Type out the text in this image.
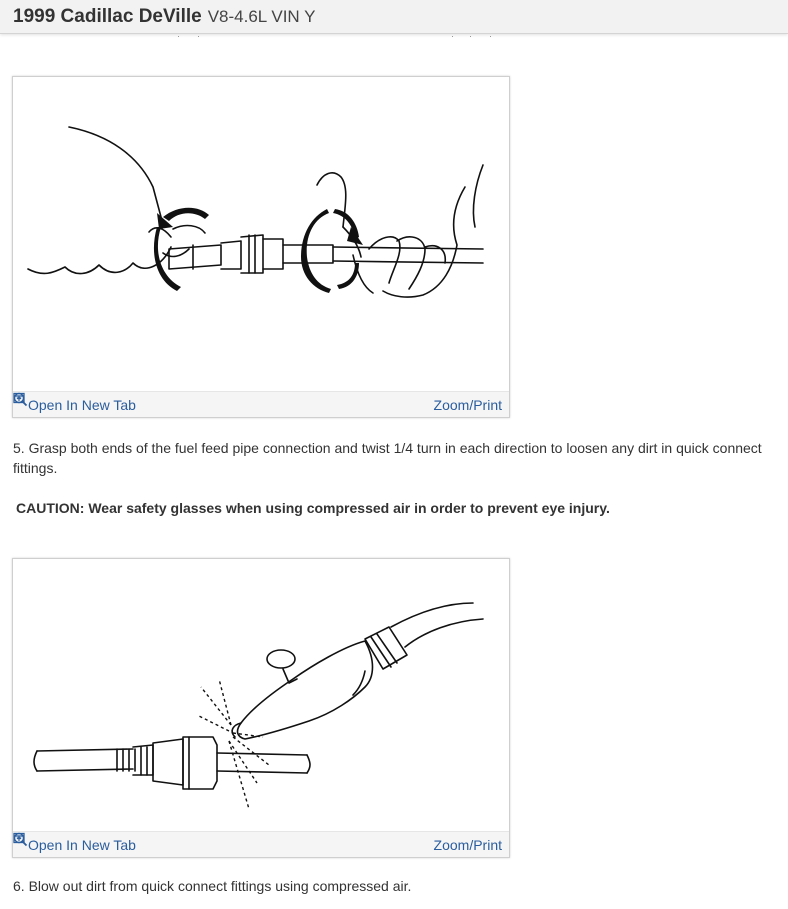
1999 Cadillac DeVille V8-4.6L VIN Y
Open In New Tab	Zoom/Print
5. Grasp both ends of the fuel feed pipe connection and twist 1/4 turn in each direction to loosen any dirt in quick connect fittings.
CAUTION: Wear safety glasses when using compressed air in order to prevent eye injury.
Open In New Tab	Zoom/Print
6. Blow out dirt from quick connect fittings using compressed air.
